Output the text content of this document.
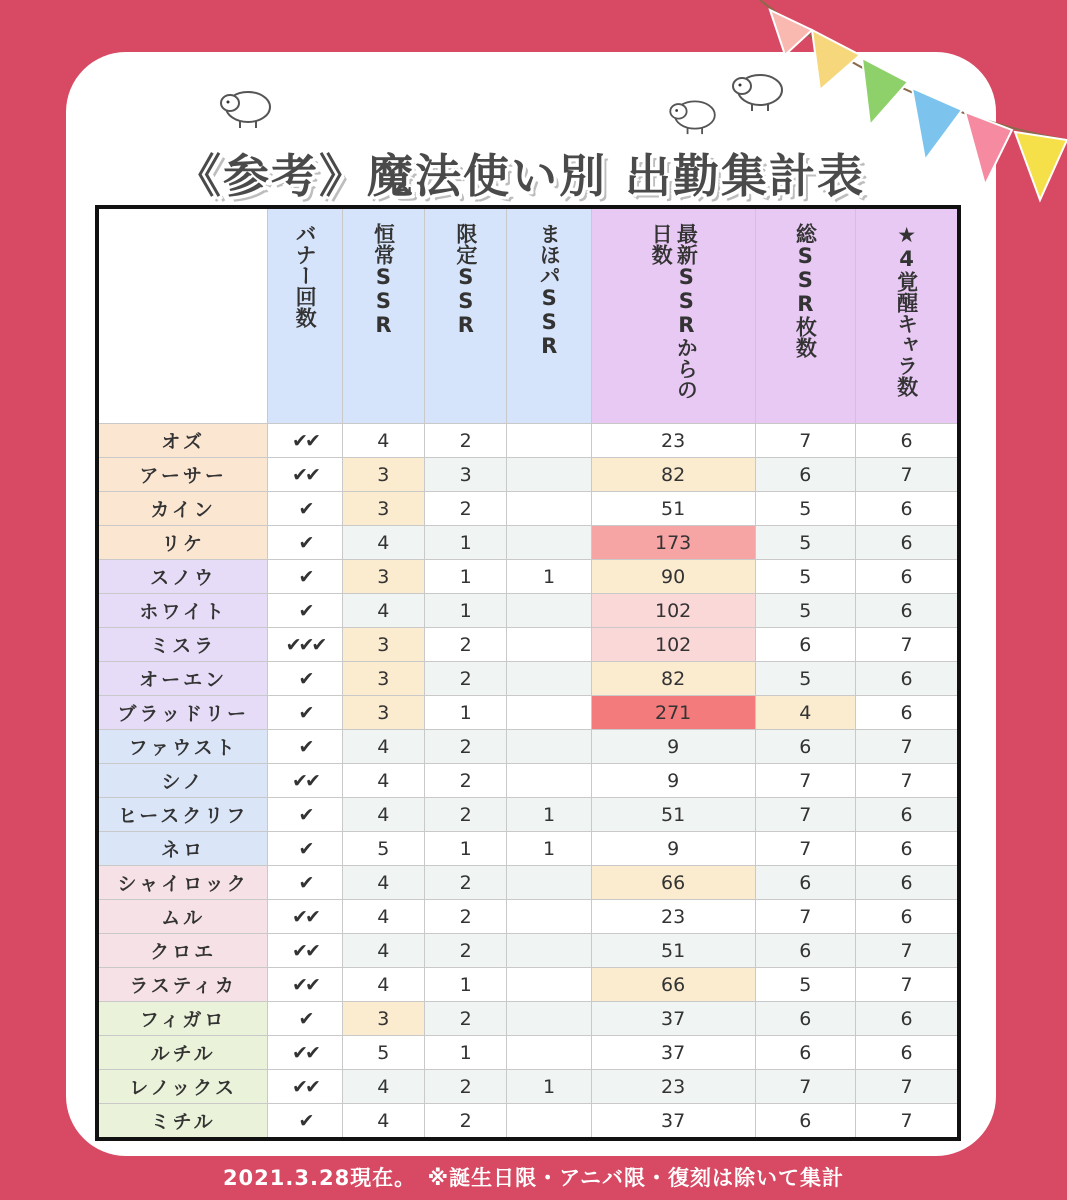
《参考》魔法使い別 出勤集計表
	バナー回数	恒常SSR	限定SSR	まほパSSR	最新SSRからの
日数	総SSR枚数	★4覚醒キャラ数
オズ	✔✔	4	2		23	7	6
アーサー	✔✔	3	3		82	6	7
カイン	✔	3	2		51	5	6
リケ	✔	4	1		173	5	6
スノウ	✔	3	1	1	90	5	6
ホワイト	✔	4	1		102	5	6
ミスラ	✔✔✔	3	2		102	6	7
オーエン	✔	3	2		82	5	6
ブラッドリー	✔	3	1		271	4	6
ファウスト	✔	4	2		9	6	7
シノ	✔✔	4	2		9	7	7
ヒースクリフ	✔	4	2	1	51	7	6
ネロ	✔	5	1	1	9	7	6
シャイロック	✔	4	2		66	6	6
ムル	✔✔	4	2		23	7	6
クロエ	✔✔	4	2		51	6	7
ラスティカ	✔✔	4	1		66	5	7
フィガロ	✔	3	2		37	6	6
ルチル	✔✔	5	1		37	6	6
レノックス	✔✔	4	2	1	23	7	7
ミチル	✔	4	2		37	6	7
2021.3.28現在。　※誕生日限・アニバ限・復刻は除いて集計
